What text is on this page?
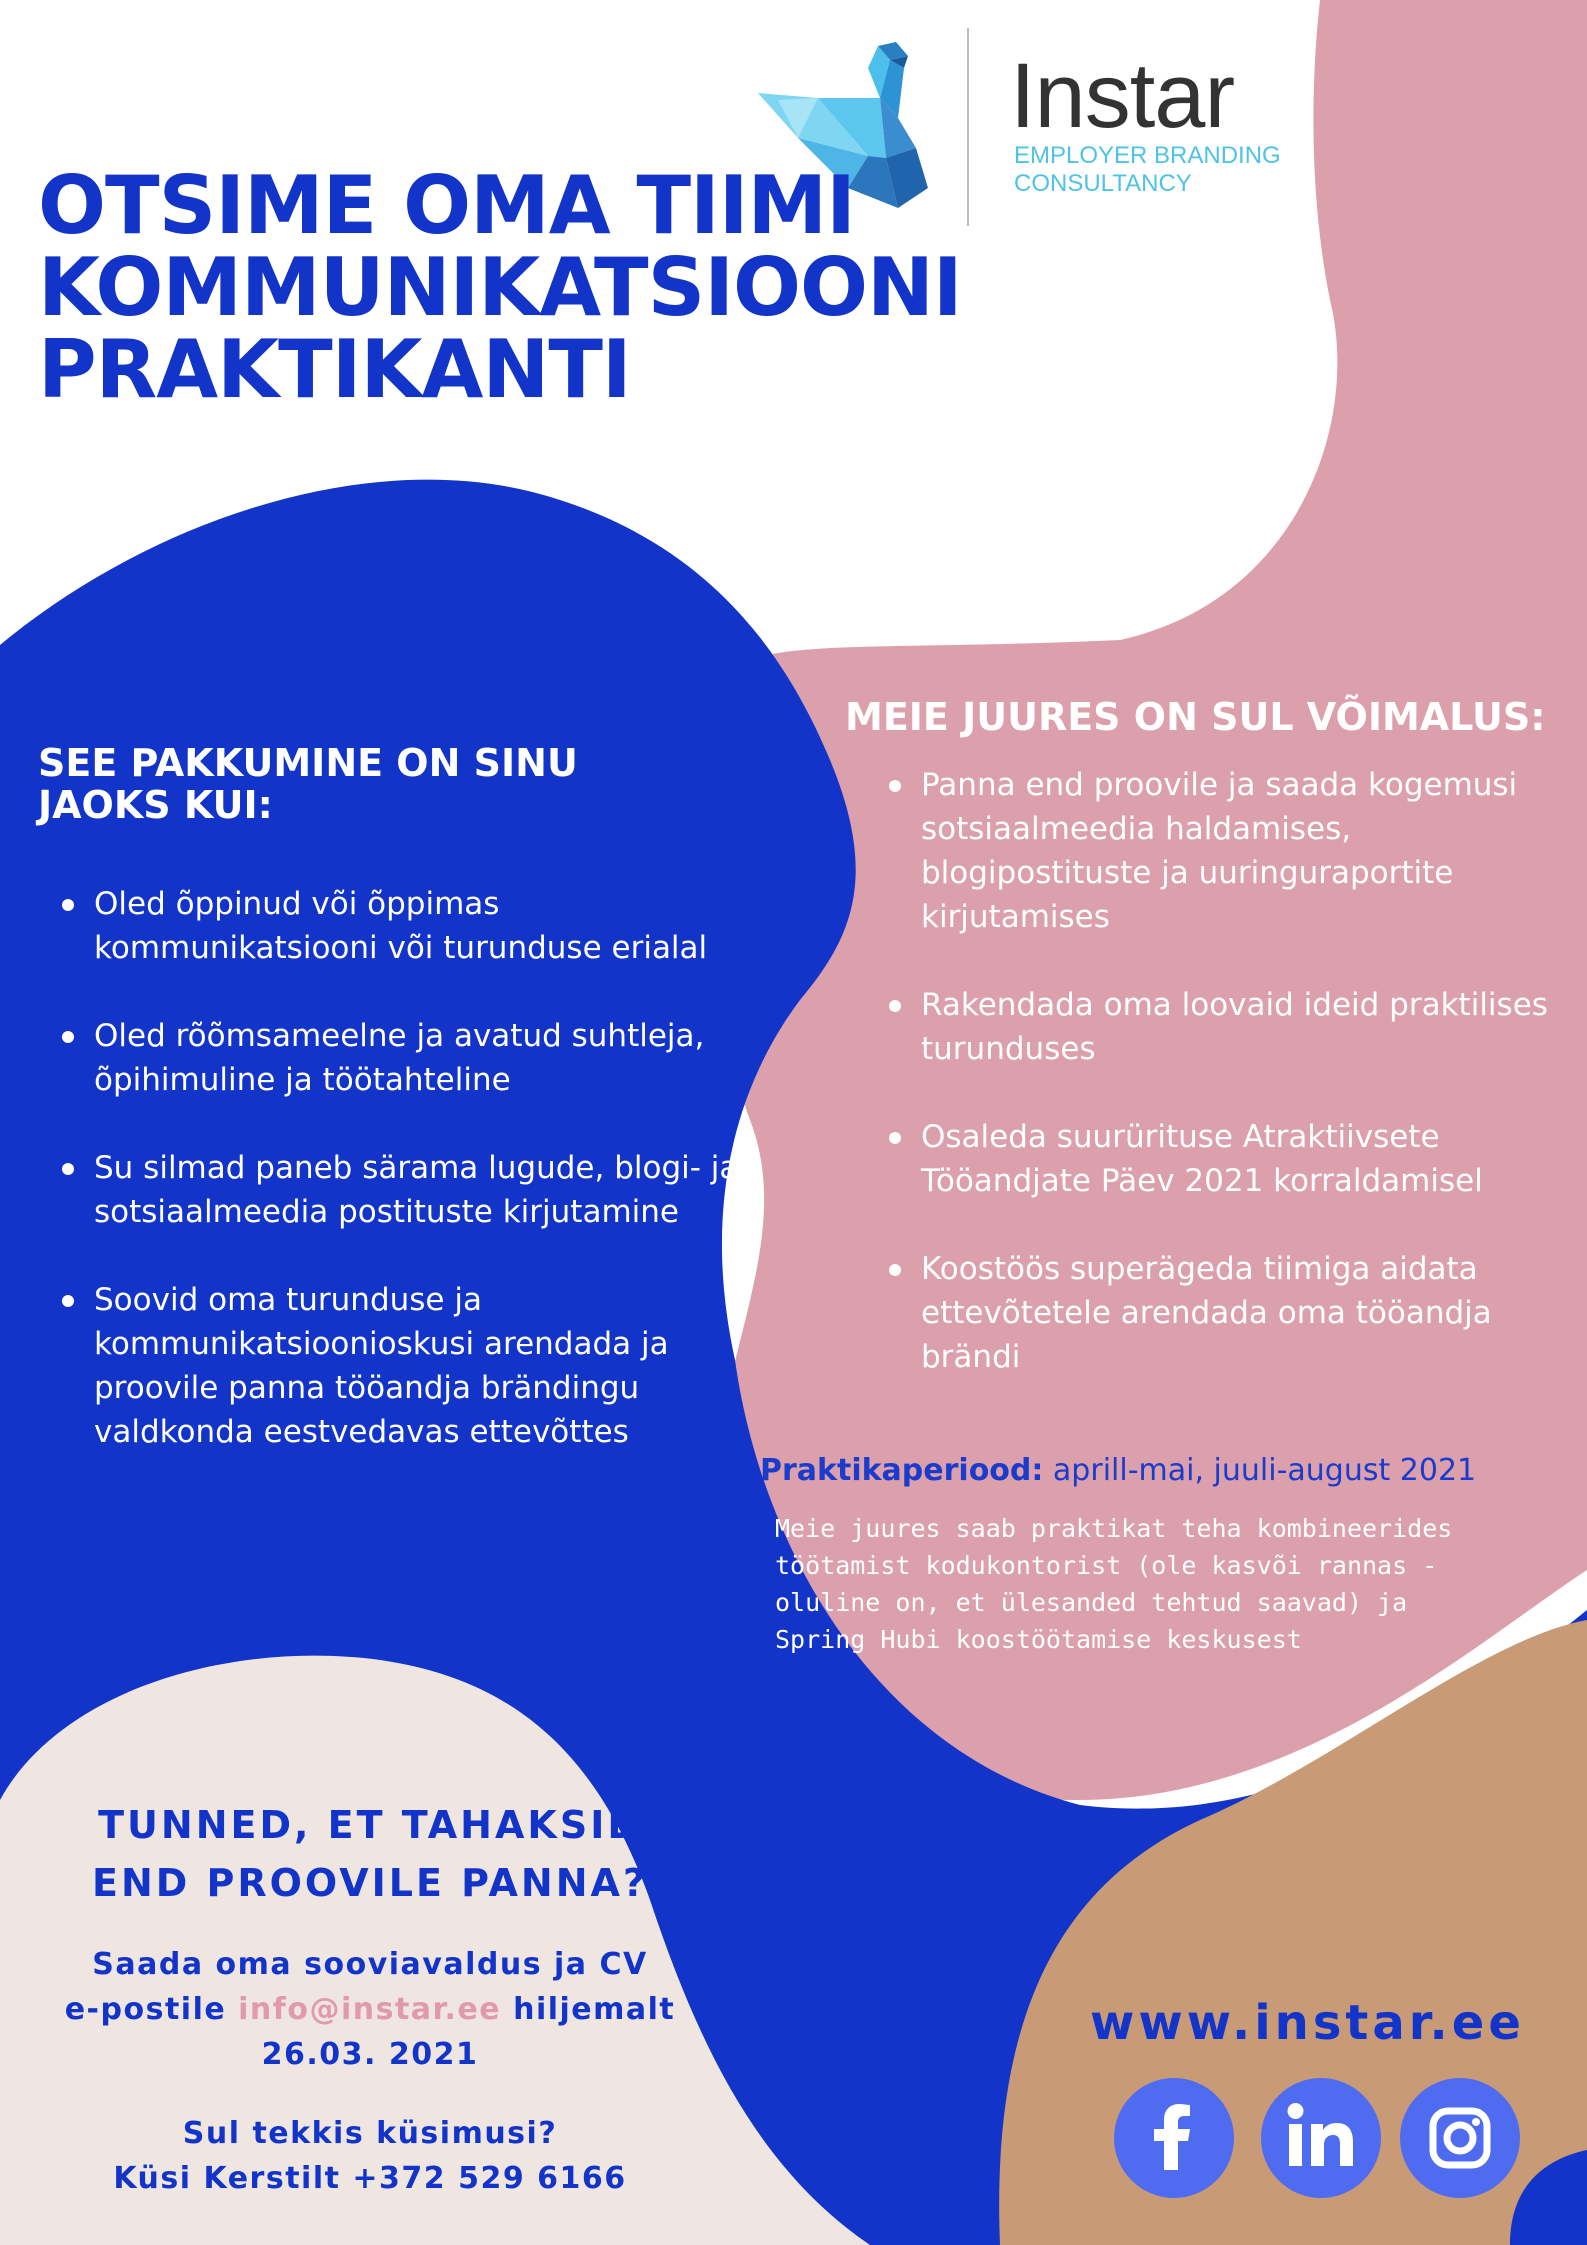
Instar
EMPLOYER BRANDING
CONSULTANCY
OTSIME OMA TIIMI
KOMMUNIKATSIOONI
PRAKTIKANTI
SEE PAKKUMINE ON SINU
JAOKS KUI:
Oled õppinud või õppimas kommunikatsiooni või turunduse erialal
Oled rõõmsameelne ja avatud suhtleja, õpihimuline ja töötahteline
Su silmad paneb särama lugude, blogi- ja sotsiaalmeedia postituste kirjutamine
Soovid oma turunduse ja kommunikatsioonioskusi arendada ja proovile panna tööandja brändingu valdkonda eestvedavas ettevõttes
MEIE JUURES ON SUL VÕIMALUS:
Panna end proovile ja saada kogemusi sotsiaalmeedia haldamises, blogipostituste ja uuringuraportite kirjutamises
Rakendada oma loovaid ideid praktilises turunduses
Osaleda suurürituse Atraktiivsete Tööandjate Päev 2021 korraldamisel
Koostöös superägeda tiimiga aidata ettevõtetele arendada oma tööandja brändi
Praktikaperiood: aprill-mai, juuli-august 2021
Meie juures saab praktikat teha kombineerides töötamist kodukontorist (ole kasvõi rannas - oluline on, et ülesanded tehtud saavad) ja Spring Hubi koostöötamise keskusest
TUNNED, ET TAHAKSID
END PROOVILE PANNA?
Saada oma sooviavaldus ja CV
e-postile info@instar.ee hiljemalt
26.03. 2021
Sul tekkis küsimusi?
Küsi Kerstilt +372 529 6166
www.instar.ee
